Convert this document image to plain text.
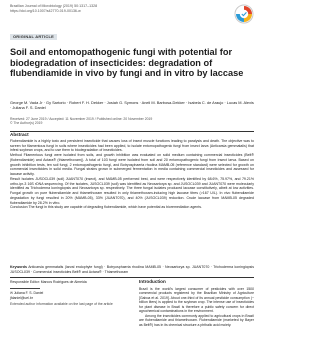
Brazilian Journal of Microbiology (2019) 50:1317–1328
https://doi.org/10.1007/s42770-019-00136-w
ORIGINAL ARTICLE
Soil and entomopathogenic fungi with potential for biodegradation of insecticides: degradation of flubendiamide in vivo by fungi and in vitro by laccase
George M. Vada Jr · Gy Sartorio · Robert F. H. Dekker · Josiah G. Symons · Aneli M. Barbosa-Dekker · Isabela C. de Araujo · Lucas M. Alexis · Juliana F. S. Daniel
Received: 27 June 2019 / Accepted: 11 November 2019 / Published online: 20 November 2019
© The Author(s) 2019
Abstract

Flubendiamide is a highly toxic and persistent insecticide that causes loss of insect muscle functions leading to paralysis and death. The objective was to screen for filamentous fungi in soils where insecticides had been applied, to isolate entomopathogenic fungi from insect larva (Anticarsia gemmatalis) that infest soybean crops, and to use them to biodegradation of insecticides.

Method Filamentous fungi were isolated from soils, and growth inhibition was evaluated on solid medium containing commercial insecticides (Belt® (flubendiamide) and Actara® (thiamethoxam)). A total of 103 fungi were isolated from soil and 20 entomopathogenic fungi from insect larva. Based on growth inhibition tests, ten soil fungi, 2 entomopathogenic fungi, and Botryosphaeria rhodina MAMB-05 (reference standard) were selected for growth on commercial insecticides in solid media. Fungal strains grown in submerged fermentation in media containing commercial insecticides and assessed for laccase activity.

Result Isolates JUSOCL039 (soil) JUANT070 (insect), and MAMB-05 performed best, and were respectively identified by 68.6%, 75.97%, and 79.21% ortho-ipr-3 16S rDNA sequencing. Of the isolates, JUSOCL039 (soil) was identified as Neosartorya sp. and JUSOCL039 and JUANT070 were molecularly identified as Trichoderma koningiopsis and Neosartorya sp. respectively. The three fungal isolates produced laccase constitutively, albeit at low activities. Fungal growth on pure flubendiamide and thiamethoxam resulted in only thiamethoxam-inducing high laccase titres (>167 U/L). In vivo flubendiamide degradation by fungi resulted in 20% (MAMB-05), 33% (JUANT070), and 40% (JUSOCL039) reduction. Crude laccase from MAMB-05 degraded flubendiamide by 28.2% in vitro.

Conclusion The fungi in this study are capable of degrading flubendiamide, which have potential as bioremediation agents.

Keywords Anticarsia gemmatalis (larval endophyte fungi) · Botryosphaeria rhodina MAMB-05 · Neosartorya sp. JUANT070 · Trichoderma koningiopsis JUSOCL039 · Commercial insecticides Belt® and Actara® · Thiamethoxam

Responsible Editor: Marcos Rodrigues de Almeida

✉ Juliana F. S. Daniel
jfdaniel@uel.br

Extended author information available on the last page of the article

Introduction

Brazil is the world's largest consumer of pesticides with over 1500 commercial products registered by the Brazilian Ministry of Agriculture [Gaboa et al. 2019]. About one-third of its annual pesticide consumption (~ billion liters) is applied to the soybean crop. The intense use of insecticides for plant disease in Brazil is therefore a public safety concern for direct agrochemical contaminations in the environment.

Among the insecticides commonly applied to agricultural crops in Brazil are flubendiamide and thiamethoxam. Flubendiamide (marketed by Bayer as Belt®) has in its chemical structure a phthalic acid moiety.
